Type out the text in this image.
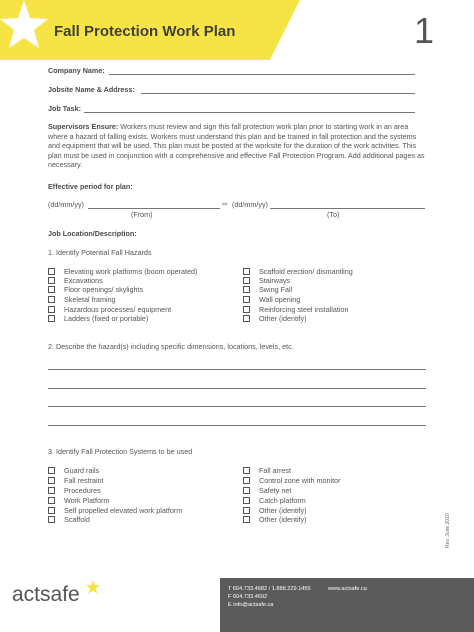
Fall Protection Work Plan	1
Company Name:
Jobsite Name & Address:
Job Task:
Supervisors Ensure: Workers must review and sign this fall protection work plan prior to starting work in an area where a hazard of falling exists. Workers must understand this plan and be trained in fall protection and the systems and equipment that will be used. This plan must be posted at the worksite for the duration of the work activities. This plan must be used in conjunction with a comprehensive and effective Fall Protection Program. Add additional pages as necessary.
Effective period for plan:
(dd/mm/yy)	⇨ (dd/mm/yy)
(From)	(To)
Job Location/Description:
1. Identify Potential Fall Hazards
Elevating work platforms (boom operated)
Excavations
Floor openings/ skylights
Skeletal framing
Hazardous processes/ equipment
Ladders (fixed or portable)
Scaffold erection/ dismantling
Stairways
Swing Fall
Wall opening
Reinforcing steel installation
Other (identify)
2. Describe the hazard(s) including specific dimensions, locations, levels, etc.
3. Identify Fall Protection Systems to be used
Guard rails
Fall restraint
Procedures
Work Platform
Self propelled elevated work platform
Scaffold
Fall arrest
Control zone with monitor
Safety net
Catch platform
Other (identify)
Other (identify)	Rev. June 2010
actsafe	T 604.733.4682 / 1.888.229.1455
F 604.733.4692
E info@actsafe.ca
www.actsafe.ca
